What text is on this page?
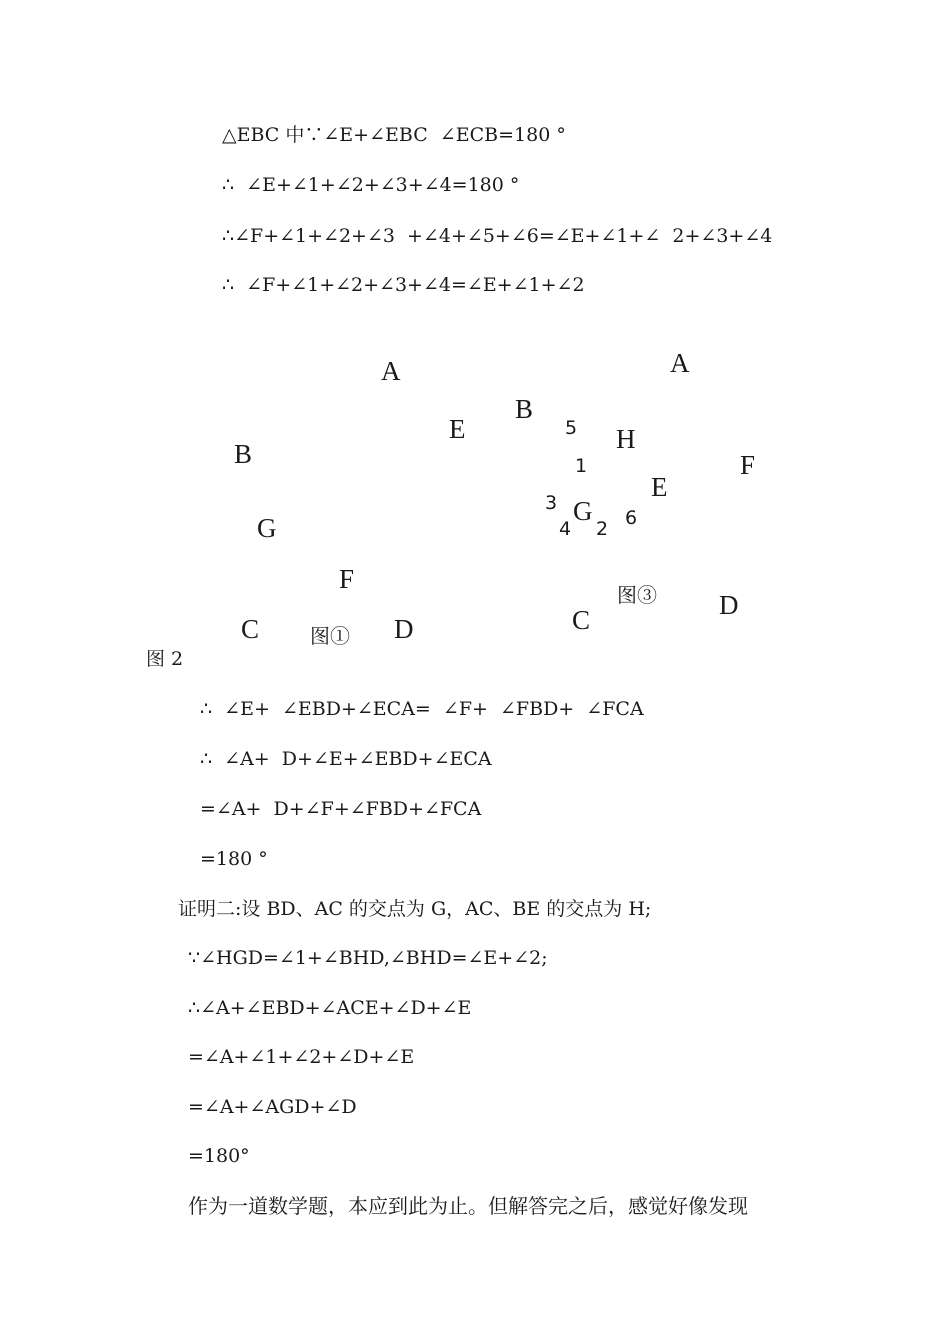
△EBC 中∵∠E+∠EBC  ∠ECB=180 °
∴  ∠E+∠1+∠2+∠3+∠4=180 °
∴∠F+∠1+∠2+∠3  +∠4+∠5+∠6=∠E+∠1+∠  2+∠3+∠4
∴  ∠F+∠1+∠2+∠3+∠4=∠E+∠1+∠2
A
E
B
G
F
C	D
图①
A
B
5 H
F
1
E
3 G 6
4 2
图③ D
C
图 2
∴  ∠E+  ∠EBD+∠ECA=  ∠F+  ∠FBD+  ∠FCA
∴  ∠A+  D+∠E+∠EBD+∠ECA
=∠A+  D+∠F+∠FBD+∠FCA
=180 °
证明二:设 BD、AC 的交点为 G，AC、BE 的交点为 H;
∵∠HGD=∠1+∠BHD,∠BHD=∠E+∠2;
∴∠A+∠EBD+∠ACE+∠D+∠E
=∠A+∠1+∠2+∠D+∠E
=∠A+∠AGD+∠D
=180°
作为一道数学题，本应到此为止。但解答完之后，感觉好像发现
